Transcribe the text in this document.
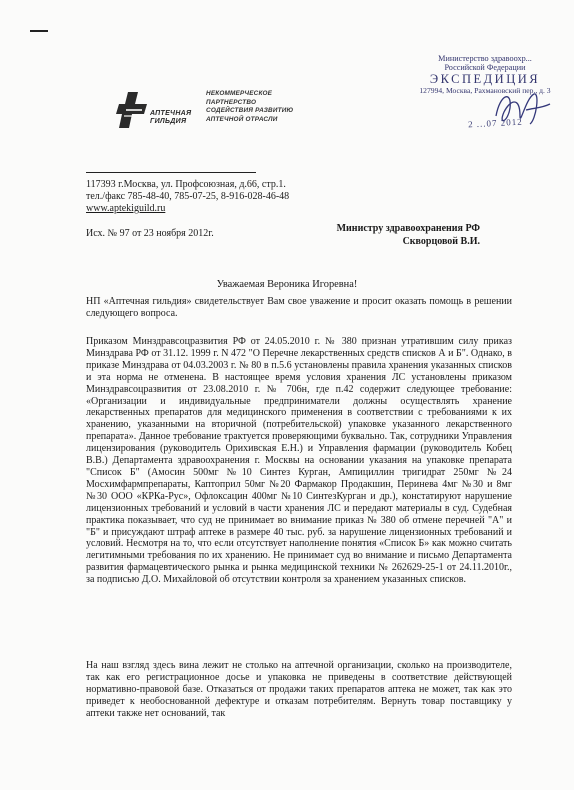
АПТЕЧНАЯ
ГИЛЬДИЯ
НЕКОММЕРЧЕСКОЕ
ПАРТНЕРСТВО
СОДЕЙСТВИЯ РАЗВИТИЮ
АПТЕЧНОЙ ОТРАСЛИ
Министерство здравоохр...
Российской Федерации
ЭКСПЕДИЦИЯ
127994, Москва, Рахмановский пер., д. 3
2 ...07 2012
117393 г.Москва, ул. Профсоюзная, д.66, стр.1.
тел./факс 785-48-40, 785-07-25, 8-916-028-46-48
www.aptekiguild.ru
Исх. № 97 от 23 ноября 2012г.	Министру здравоохранения РФ
Скворцовой В.И.
Уважаемая Вероника Игоревна!
НП «Аптечная гильдия» свидетельствует Вам свое уважение и просит оказать помощь в решении следующего вопроса.
Приказом Минздравсоцразвития РФ от 24.05.2010 г. № 380 признан утратившим силу приказ Минздрава РФ от 31.12. 1999 г. N 472 "О Перечне лекарственных средств списков А и Б". Однако, в приказе Минздрава от 04.03.2003 г. № 80 в п.5.6 установлены правила хранения указанных списков и эта норма не отменена. В настоящее время условия хранения ЛС установлены приказом Минздравсоцразвития от 23.08.2010 г. № 706н, где п.42 содержит следующее требование: «Организации и индивидуальные предприниматели должны осуществлять хранение лекарственных препаратов для медицинского применения в соответствии с требованиями к их хранению, указанными на вторичной (потребительской) упаковке указанного лекарственного препарата». Данное требование трактуется проверяющими буквально. Так, сотрудники Управления лицензирования (руководитель Орихивская Е.Н.) и Управления фармации (руководитель Кобец В.В.) Департамента здравоохранения г. Москвы на основании указания на упаковке препарата "Список Б" (Амосин 500мг №10 Синтез Курган, Ампициллин тригидрат 250мг №24 Мосхимфармпрепараты, Каптоприл 50мг №20 Фармакор Продакшин, Перинева 4мг №30 и 8мг №30 ООО «КРКа-Рус», Офлоксацин 400мг №10 СинтезКурган и др.), констатируют нарушение лицензионных требований и условий в части хранения ЛС и передают материалы в суд. Судебная практика показывает, что суд не принимает во внимание приказ № 380 об отмене перечней "А" и "Б" и присуждают штраф аптеке в размере 40 тыс. руб. за нарушение лицензионных требований и условий. Несмотря на то, что если отсутствует наполнение понятия «Список Б» как можно считать легитимными требования по их хранению. Не принимает суд во внимание и письмо Департамента развития фармацевтического рынка и рынка медицинской техники № 262629-25-1 от 24.11.2010г., за подписью Д.О. Михайловой об отсутствии контроля за хранением указанных списков.
На наш взгляд здесь вина лежит не столько на аптечной организации, сколько на производителе, так как его регистрационное досье и упаковка не приведены в соответствие действующей нормативно-правовой базе. Отказаться от продажи таких препаратов аптека не может, так как это приведет к необоснованной дефектуре и отказам потребителям. Вернуть товар поставщику у аптеки также нет оснований, так
